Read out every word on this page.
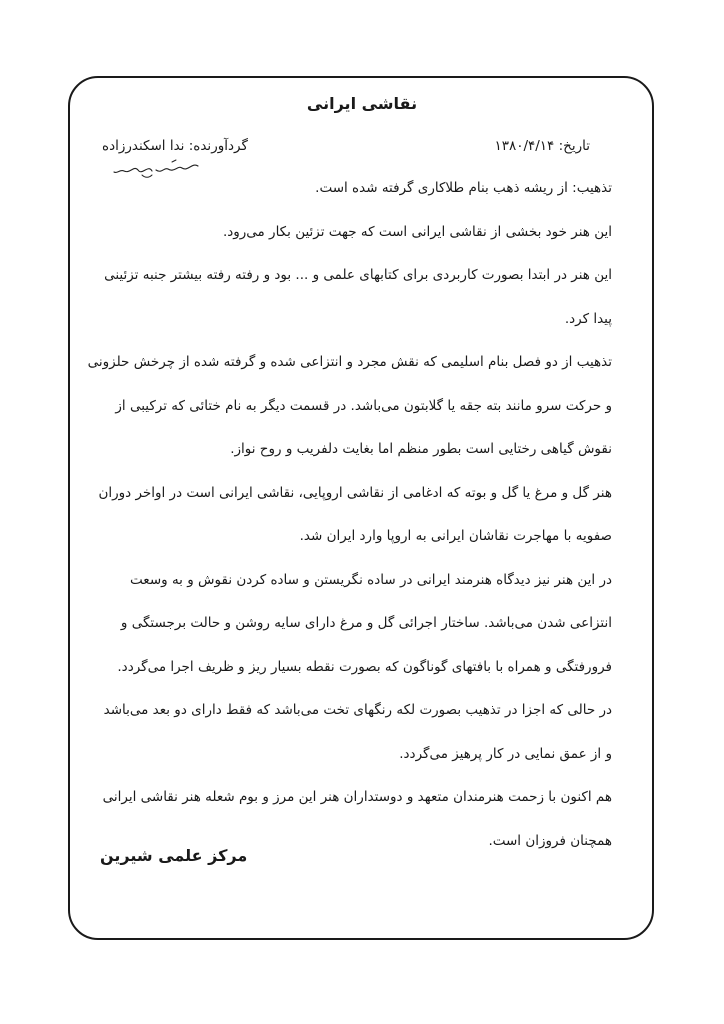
نقاشی ایرانی
تاریخ: ۱۳۸۰/۴/۱۴
گردآورنده: ندا اسکندرزاده
تذهیب: از ریشه ذهب بنام طلاکاری گرفته شده است.
این هنر خود بخشی از نقاشی ایرانی است که جهت تزئین بکار می‌رود.
این هنر در ابتدا بصورت کاربردی برای کتابهای علمی و ... بود و رفته رفته بیشتر جنبه تزئینی
پیدا کرد.
تذهیب از دو فصل بنام اسلیمی که نقش مجرد و انتزاعی شده و گرفته شده از چرخش حلزونی
و حرکت سرو مانند بته جقه یا گلابتون می‌باشد. در قسمت دیگر به نام ختائی که ترکیبی از
نقوش گیاهی رختایی است بطور منظم اما بغایت دلفریب و روح نواز.
هنر گل و مرغ یا گل و بوته که ادغامی از نقاشی اروپایی، نقاشی ایرانی است در اواخر دوران
صفویه با مهاجرت نقاشان ایرانی به اروپا وارد ایران شد.
در این هنر نیز دیدگاه هنرمند ایرانی در ساده نگریستن و ساده کردن نقوش و به وسعت
انتزاعی شدن می‌باشد. ساختار اجرائی گل و مرغ دارای سایه روشن و حالت برجستگی و
فرورفتگی و همراه با بافتهای گوناگون که بصورت نقطه بسیار ریز و ظریف اجرا می‌گردد.
در حالی که اجزا در تذهیب بصورت لکه رنگهای تخت می‌باشد که فقط دارای دو بعد می‌باشد
و از عمق نمایی در کار پرهیز می‌گردد.
هم اکنون با زحمت هنرمندان متعهد و دوستداران هنر این مرز و بوم شعله هنر نقاشی ایرانی
همچنان فروزان است.
مرکز علمی شیرین
